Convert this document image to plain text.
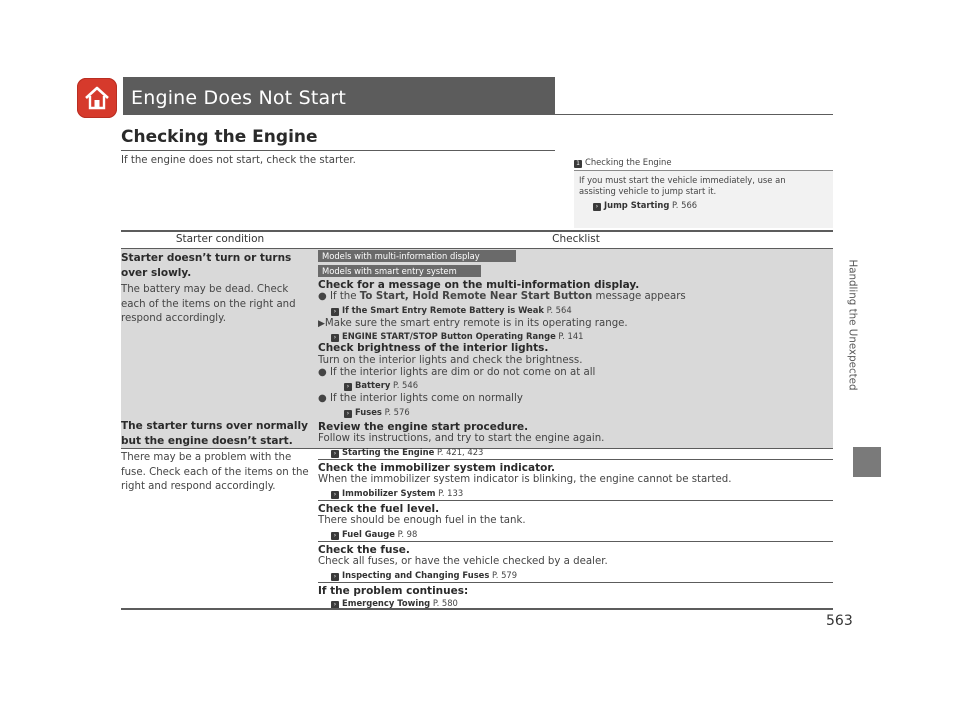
Engine Does Not Start
Checking the Engine
If the engine does not start, check the starter.	1 Checking the Engine
If you must start the vehicle immediately, use an assisting vehicle to jump start it.
› Jump Starting P. 566
Handling the Unexpected
563
Starter condition	Checklist
Starter doesn’t turn or turns over slowly.
The battery may be dead. Check each of the items on the right and respond accordingly.
Models with multi-information display
Models with smart entry system
Check for a message on the multi-information display.
● If the To Start, Hold Remote Near Start Button message appears
› If the Smart Entry Remote Battery is Weak P. 564
▶Make sure the smart entry remote is in its operating range.
› ENGINE START/STOP Button Operating Range P. 141
Check brightness of the interior lights.
Turn on the interior lights and check the brightness.
● If the interior lights are dim or do not come on at all
› Battery P. 546
● If the interior lights come on normally
› Fuses P. 576
The starter turns over normally but the engine doesn’t start.
There may be a problem with the fuse. Check each of the items on the right and respond accordingly.
Review the engine start procedure.
Follow its instructions, and try to start the engine again.
› Starting the Engine P. 421, 423
Check the immobilizer system indicator.
When the immobilizer system indicator is blinking, the engine cannot be started.
› Immobilizer System P. 133
Check the fuel level.
There should be enough fuel in the tank.
› Fuel Gauge P. 98
Check the fuse.
Check all fuses, or have the vehicle checked by a dealer.
› Inspecting and Changing Fuses P. 579
If the problem continues:
› Emergency Towing P. 580
